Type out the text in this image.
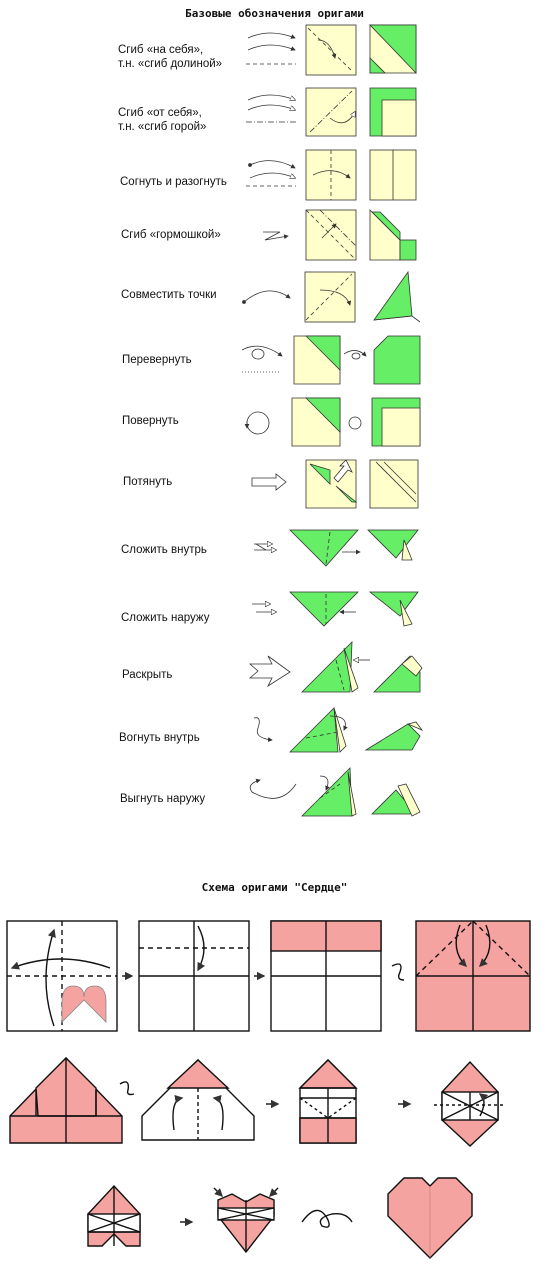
Базовые обозначения оригами
Схема оригами "Сердце"
Сгиб «на себя»,
т.н. «сгиб долиной»
Сгиб «от себя»,
т.н. «сгиб горой»
Согнуть и разогнуть
Сгиб «гормошкой»
Совместить точки
Перевернуть
Повернуть
Потянуть
Сложить внутрь
Сложить наружу
Раскрыть
Вогнуть внутрь
Выгнуть наружу
